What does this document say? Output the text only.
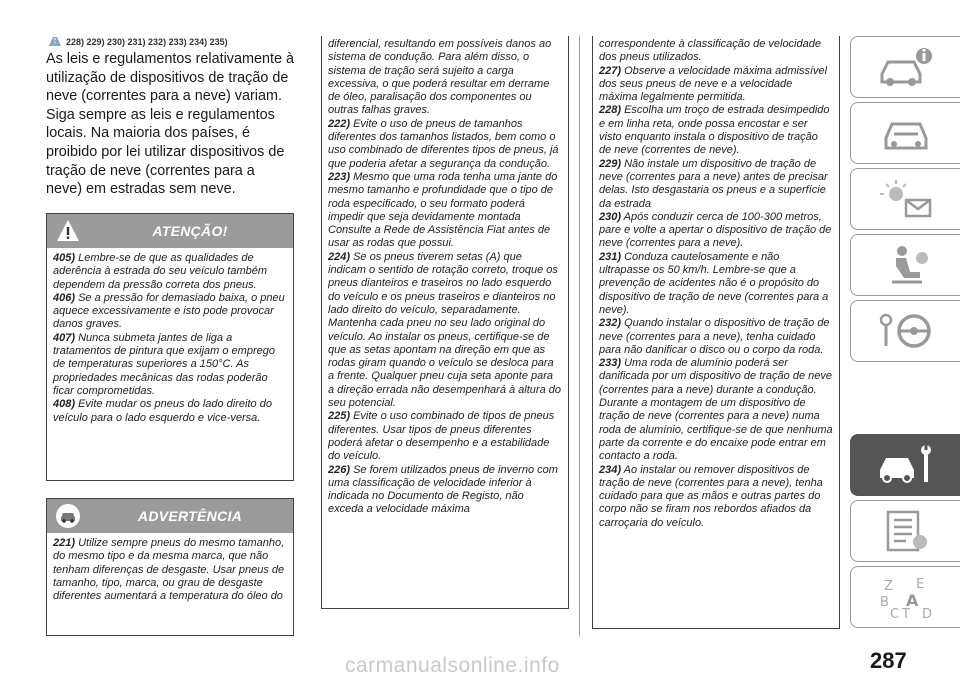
228) 229) 230) 231) 232) 233) 234) 235)

As leis e regulamentos relativamente à utilização de dispositivos de tração de neve (correntes para a neve) variam. Siga sempre as leis e regulamentos locais. Na maioria dos países, é proibido por lei utilizar dispositivos de tração de neve (correntes para a neve) em estradas sem neve.

ATENÇÃO!

405) Lembre-se de que as qualidades de aderência à estrada do seu veículo também dependem da pressão correta dos pneus.

406) Se a pressão for demasiado baixa, o pneu aquece excessivamente e isto pode provocar danos graves.

407) Nunca submeta jantes de liga a tratamentos de pintura que exijam o emprego de temperaturas superiores a 150°C. As propriedades mecânicas das rodas poderão ficar comprometidas.

408) Evite mudar os pneus do lado direito do veículo para o lado esquerdo e vice-versa.

ADVERTÊNCIA

221) Utilize sempre pneus do mesmo tamanho, do mesmo tipo e da mesma marca, que não tenham diferenças de desgaste. Usar pneus de tamanho, tipo, marca, ou grau de desgaste diferentes aumentará a temperatura do óleo do

diferencial, resultando em possíveis danos ao sistema de condução. Para além disso, o sistema de tração será sujeito a carga excessiva, o que poderá resultar em derrame de óleo, paralisação dos componentes ou outras falhas graves.

222) Evite o uso de pneus de tamanhos diferentes dos tamanhos listados, bem como o uso combinado de diferentes tipos de pneus, já que poderia afetar a segurança da condução.

223) Mesmo que uma roda tenha uma jante do mesmo tamanho e profundidade que o tipo de roda especificado, o seu formato poderá impedir que seja devidamente montada Consulte a Rede de Assistência Fiat antes de usar as rodas que possui.

224) Se os pneus tiverem setas (A) que indicam o sentido de rotação correto, troque os pneus dianteiros e traseiros no lado esquerdo do veículo e os pneus traseiros e dianteiros no lado direito do veículo, separadamente. Mantenha cada pneu no seu lado original do veículo. Ao instalar os pneus, certifique-se de que as setas apontam na direção em que as rodas giram quando o veículo se desloca para a frente. Qualquer pneu cuja seta aponte para a direção errada não desempenhará à altura do seu potencial.

225) Evite o uso combinado de tipos de pneus diferentes. Usar tipos de pneus diferentes poderá afetar o desempenho e a estabilidade do veículo.

226) Se forem utilizados pneus de inverno com uma classificação de velocidade inferior à indicada no Documento de Registo, não exceda a velocidade máxima

correspondente à classificação de velocidade dos pneus utilizados.

227) Observe a velocidade máxima admissível dos seus pneus de neve e a velocidade máxima legalmente permitida.

228) Escolha um troço de estrada desimpedido e em linha reta, onde possa encostar e ser visto enquanto instala o dispositivo de tração de neve (correntes de neve).

229) Não instale um dispositivo de tração de neve (correntes para a neve) antes de precisar delas. Isto desgastaria os pneus e a superfície da estrada

230) Após conduzir cerca de 100-300 metros, pare e volte a apertar o dispositivo de tração de neve (correntes para a neve).

231) Conduza cautelosamente e não ultrapasse os 50 km/h. Lembre-se que a prevenção de acidentes não é o propósito do dispositivo de tração de neve (correntes para a neve).

232) Quando instalar o dispositivo de tração de neve (correntes para a neve), tenha cuidado para não danificar o disco ou o corpo da roda.

233) Uma roda de alumínio poderá ser danificada por um dispositivo de tração de neve (correntes para a neve) durante a condução. Durante a montagem de um dispositivo de tração de neve (correntes para a neve) numa roda de alumínio, certifique-se de que nenhuma parte da corrente e do encaixe pode entrar em contacto a roda.

234) Ao instalar ou remover dispositivos de tração de neve (correntes para a neve), tenha cuidado para que as mãos e outras partes do corpo não se firam nos rebordos afiados da carroçaria do veículo.

Z E
B A
C T D
carmanualsonline.info	287
